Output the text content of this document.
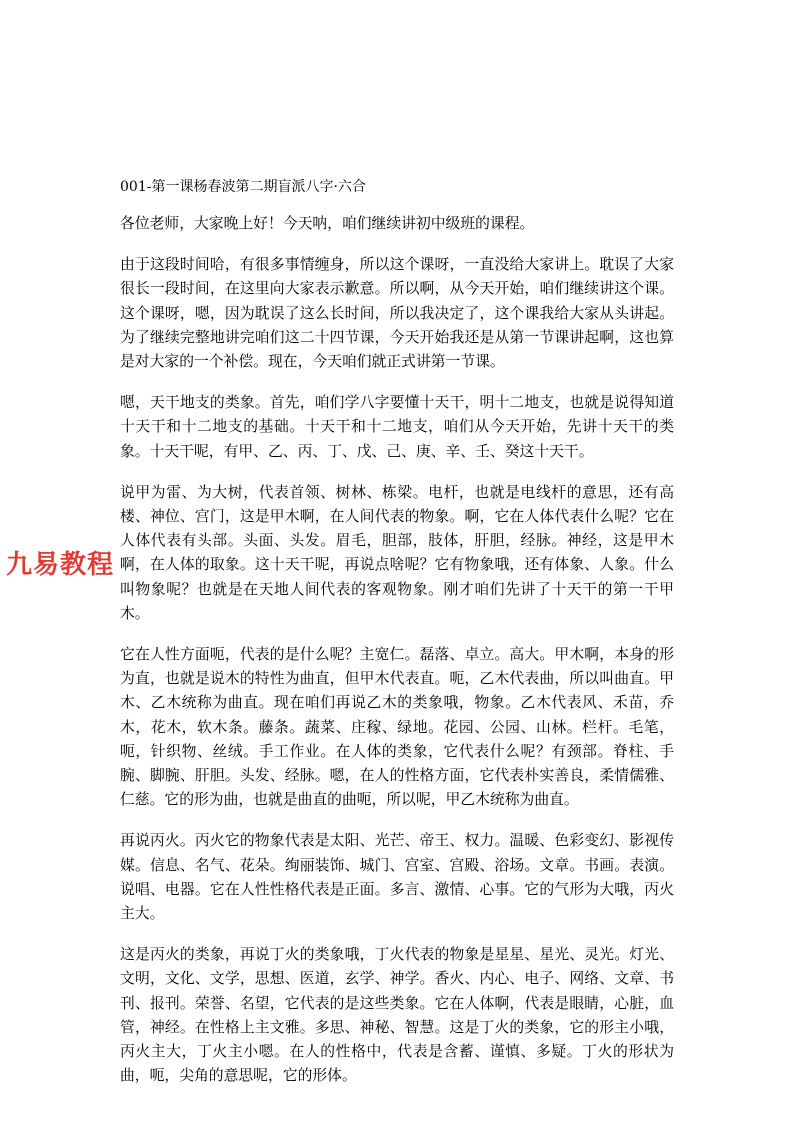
001-第一课杨春波第二期盲派八字·六合

各位老师，大家晚上好！今天呐，咱们继续讲初中级班的课程。

由于这段时间哈，有很多事情缠身，所以这个课呀，一直没给大家讲上。耽误了大家很长一段时间，在这里向大家表示歉意。所以啊，从今天开始，咱们继续讲这个课。这个课呀，嗯，因为耽误了这么长时间，所以我决定了，这个课我给大家从头讲起。为了继续完整地讲完咱们这二十四节课，今天开始我还是从第一节课讲起啊，这也算是对大家的一个补偿。现在，今天咱们就正式讲第一节课。

嗯，天干地支的类象。首先，咱们学八字要懂十天干，明十二地支，也就是说得知道十天干和十二地支的基础。十天干和十二地支，咱们从今天开始，先讲十天干的类象。十天干呢，有甲、乙、丙、丁、戊、己、庚、辛、壬、癸这十天干。

说甲为雷、为大树，代表首领、树林、栋梁。电杆，也就是电线杆的意思，还有高楼、神位、宫门，这是甲木啊，在人间代表的物象。啊，它在人体代表什么呢？它在人体代表有头部。头面、头发。眉毛，胆部，肢体，肝胆，经脉。神经，这是甲木啊，在人体的取象。这十天干呢，再说点啥呢？它有物象哦，还有体象、人象。什么叫物象呢？也就是在天地人间代表的客观物象。刚才咱们先讲了十天干的第一干甲木。

它在人性方面呃，代表的是什么呢？主宽仁。磊落、卓立。高大。甲木啊，本身的形为直，也就是说木的特性为曲直，但甲木代表直。呃，乙木代表曲，所以叫曲直。甲木、乙木统称为曲直。现在咱们再说乙木的类象哦，物象。乙木代表风、禾苗，乔木，花木，软木条。藤条。蔬菜、庄稼、绿地。花园、公园、山林。栏杆。毛笔，呃，针织物、丝绒。手工作业。在人体的类象，它代表什么呢？有颈部。脊柱、手腕、脚腕、肝胆。头发、经脉。嗯，在人的性格方面，它代表朴实善良，柔情儒雅、仁慈。它的形为曲，也就是曲直的曲呃，所以呢，甲乙木统称为曲直。

再说丙火。丙火它的物象代表是太阳、光芒、帝王、权力。温暖、色彩变幻、影视传媒。信息、名气、花朵。绚丽装饰、城门、宫室、宫殿、浴场。文章。书画。表演。说唱、电器。它在人性性格代表是正面。多言、激情、心事。它的气形为大哦，丙火主大。

这是丙火的类象，再说丁火的类象哦，丁火代表的物象是星星、星光、灵光。灯光、文明，文化、文学，思想、医道，玄学、神学。香火、内心、电子、网络、文章、书刊、报刊。荣誉、名望，它代表的是这些类象。它在人体啊，代表是眼睛，心脏，血管，神经。在性格上主文雅。多思、神秘、智慧。这是丁火的类象，它的形主小哦，丙火主大，丁火主小嗯。在人的性格中，代表是含蓄、谨慎、多疑。丁火的形状为曲，呃，尖角的意思呢，它的形体。

九易教程
